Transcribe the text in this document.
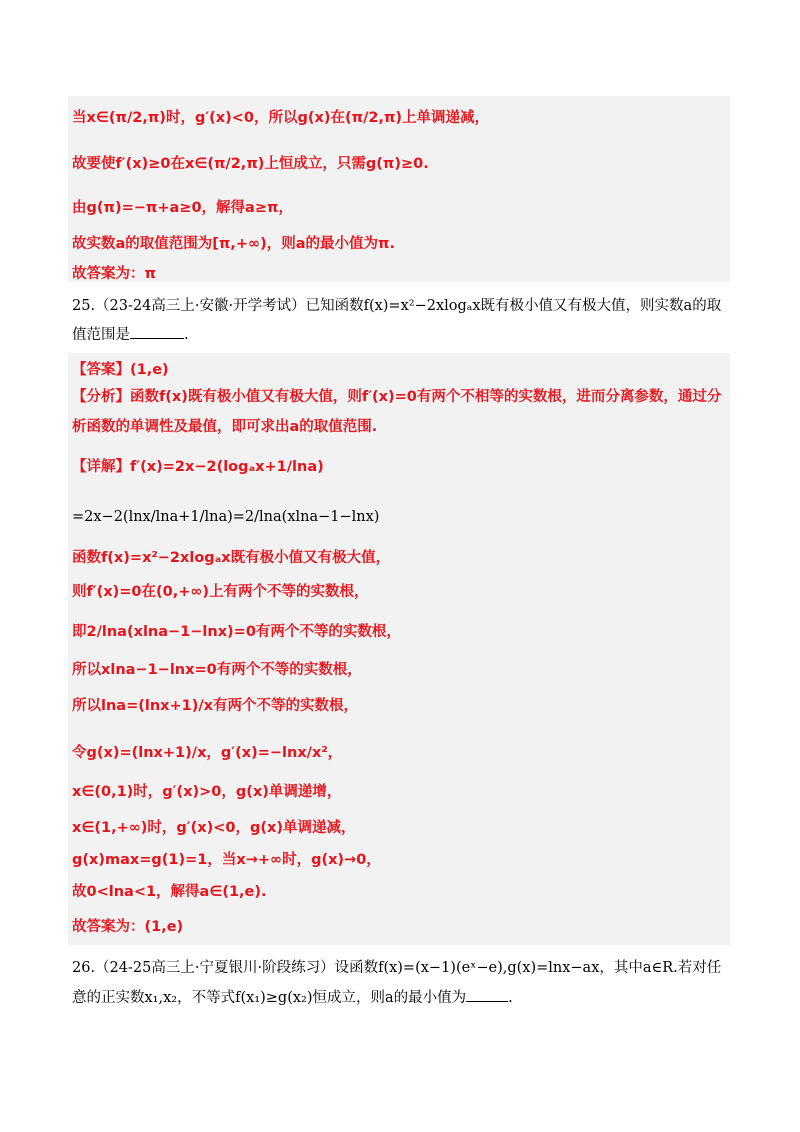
当x∈(π/2,π)时，g′(x)<0，所以g(x)在(π/2,π)上单调递减，
故要使f′(x)≥0在x∈(π/2,π)上恒成立，只需g(π)≥0.
由g(π)=−π+a≥0，解得a≥π，
故实数a的取值范围为[π,+∞)，则a的最小值为π.
故答案为：π
25.（23-24高三上·安徽·开学考试）已知函数f(x)=x²−2xlogₐx既有极小值又有极大值，则实数a的取
值范围是	.
【答案】(1,e)
【分析】函数f(x)既有极小值又有极大值，则f′(x)=0有两个不相等的实数根，进而分离参数，通过分
析函数的单调性及最值，即可求出a的取值范围.
【详解】f′(x)=2x−2(logₐx+1/lna)
=2x−2(lnx/lna+1/lna)=2/lna(xlna−1−lnx)
函数f(x)=x²−2xlogₐx既有极小值又有极大值，
则f′(x)=0在(0,+∞)上有两个不等的实数根，
即2/lna(xlna−1−lnx)=0有两个不等的实数根，
所以xlna−1−lnx=0有两个不等的实数根，
所以lna=(lnx+1)/x有两个不等的实数根，
令g(x)=(lnx+1)/x，g′(x)=−lnx/x²，
x∈(0,1)时，g′(x)>0，g(x)单调递增，
x∈(1,+∞)时，g′(x)<0，g(x)单调递减，
g(x)max=g(1)=1，当x→+∞时，g(x)→0，
故0<lna<1，解得a∈(1,e).
故答案为：(1,e)
26.（24-25高三上·宁夏银川·阶段练习）设函数f(x)=(x−1)(eˣ−e),g(x)=lnx−ax，其中a∈R.若对任
意的正实数x₁,x₂，不等式f(x₁)≥g(x₂)恒成立，则a的最小值为	.
